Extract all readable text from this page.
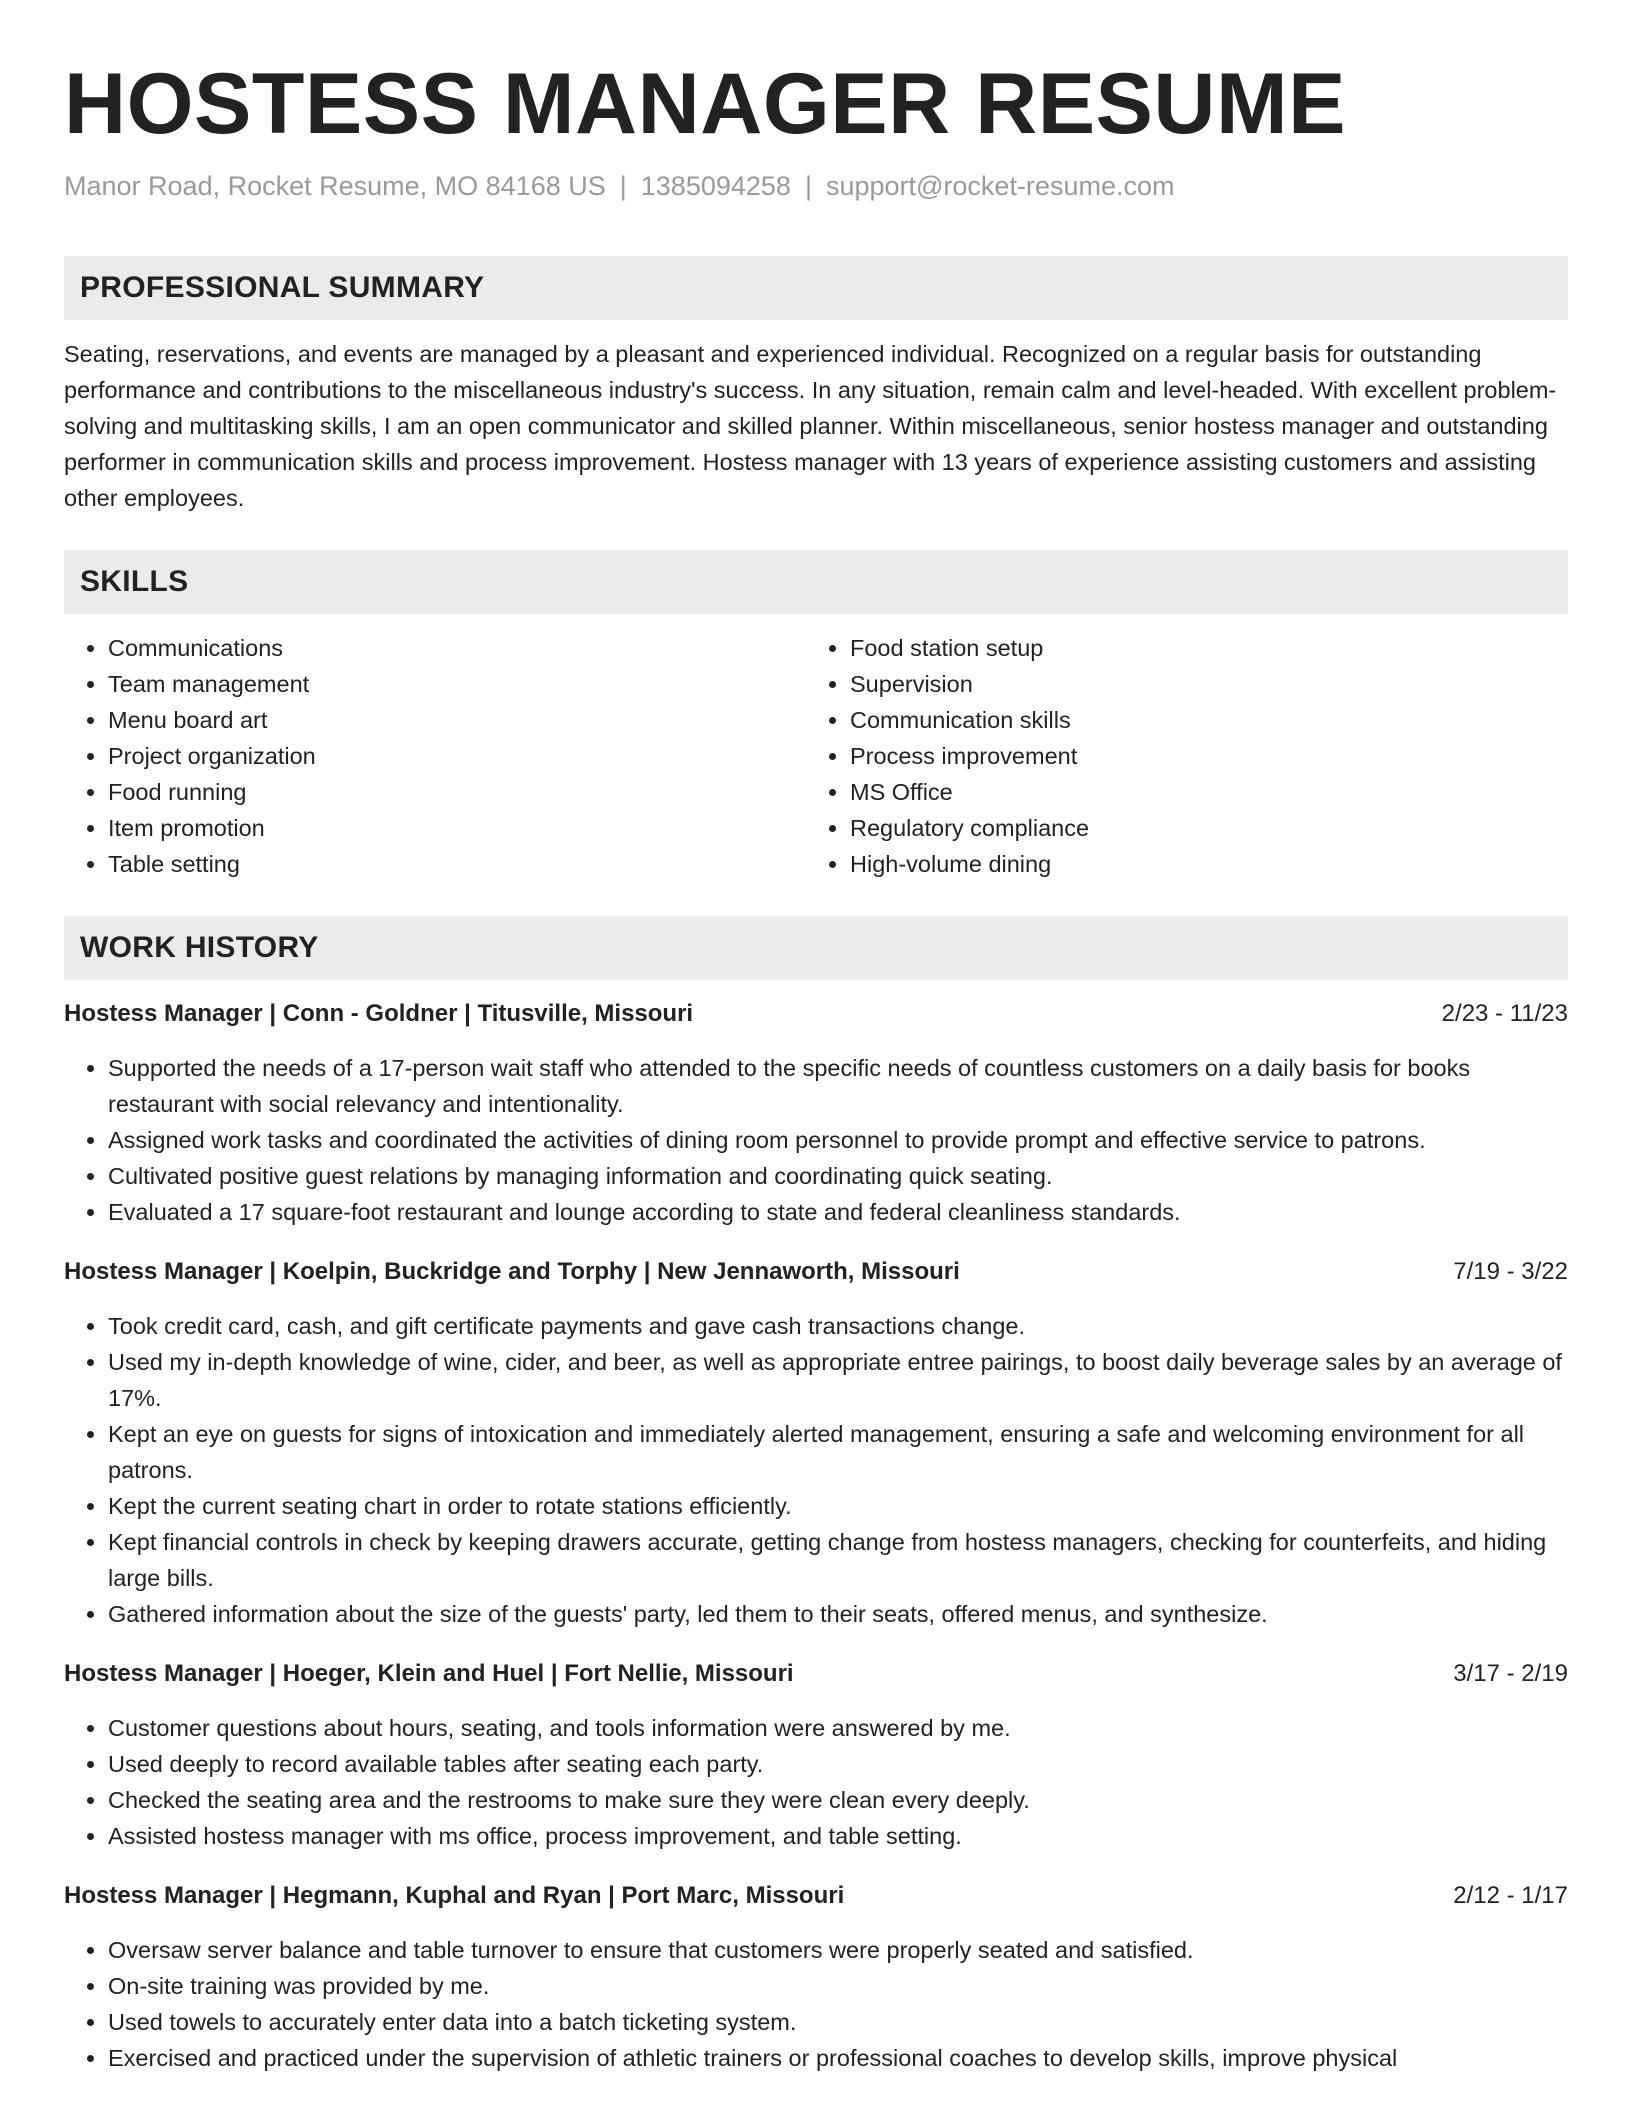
HOSTESS MANAGER RESUME
Manor Road, Rocket Resume, MO 84168 US | 1385094258 | support@rocket-resume.com
PROFESSIONAL SUMMARY
Seating, reservations, and events are managed by a pleasant and experienced individual. Recognized on a regular basis for outstanding performance and contributions to the miscellaneous industry's success. In any situation, remain calm and level-headed. With excellent problem-solving and multitasking skills, I am an open communicator and skilled planner. Within miscellaneous, senior hostess manager and outstanding performer in communication skills and process improvement. Hostess manager with 13 years of experience assisting customers and assisting other employees.
SKILLS
• Communications
• Team management
• Menu board art
• Project organization
• Food running
• Item promotion
• Table setting
• Food station setup
• Supervision
• Communication skills
• Process improvement
• MS Office
• Regulatory compliance
• High-volume dining
WORK HISTORY
Hostess Manager | Conn - Goldner | Titusville, Missouri	2/23 - 11/23
• Supported the needs of a 17-person wait staff who attended to the specific needs of countless customers on a daily basis for books restaurant with social relevancy and intentionality.
• Assigned work tasks and coordinated the activities of dining room personnel to provide prompt and effective service to patrons.
• Cultivated positive guest relations by managing information and coordinating quick seating.
• Evaluated a 17 square-foot restaurant and lounge according to state and federal cleanliness standards.
Hostess Manager | Koelpin, Buckridge and Torphy | New Jennaworth, Missouri	7/19 - 3/22
• Took credit card, cash, and gift certificate payments and gave cash transactions change.
• Used my in-depth knowledge of wine, cider, and beer, as well as appropriate entree pairings, to boost daily beverage sales by an average of 17%.
• Kept an eye on guests for signs of intoxication and immediately alerted management, ensuring a safe and welcoming environment for all patrons.
• Kept the current seating chart in order to rotate stations efficiently.
• Kept financial controls in check by keeping drawers accurate, getting change from hostess managers, checking for counterfeits, and hiding large bills.
• Gathered information about the size of the guests' party, led them to their seats, offered menus, and synthesize.
Hostess Manager | Hoeger, Klein and Huel | Fort Nellie, Missouri	3/17 - 2/19
• Customer questions about hours, seating, and tools information were answered by me.
• Used deeply to record available tables after seating each party.
• Checked the seating area and the restrooms to make sure they were clean every deeply.
• Assisted hostess manager with ms office, process improvement, and table setting.
Hostess Manager | Hegmann, Kuphal and Ryan | Port Marc, Missouri	2/12 - 1/17
• Oversaw server balance and table turnover to ensure that customers were properly seated and satisfied.
• On-site training was provided by me.
• Used towels to accurately enter data into a batch ticketing system.
• Exercised and practiced under the supervision of athletic trainers or professional coaches to develop skills, improve physical
